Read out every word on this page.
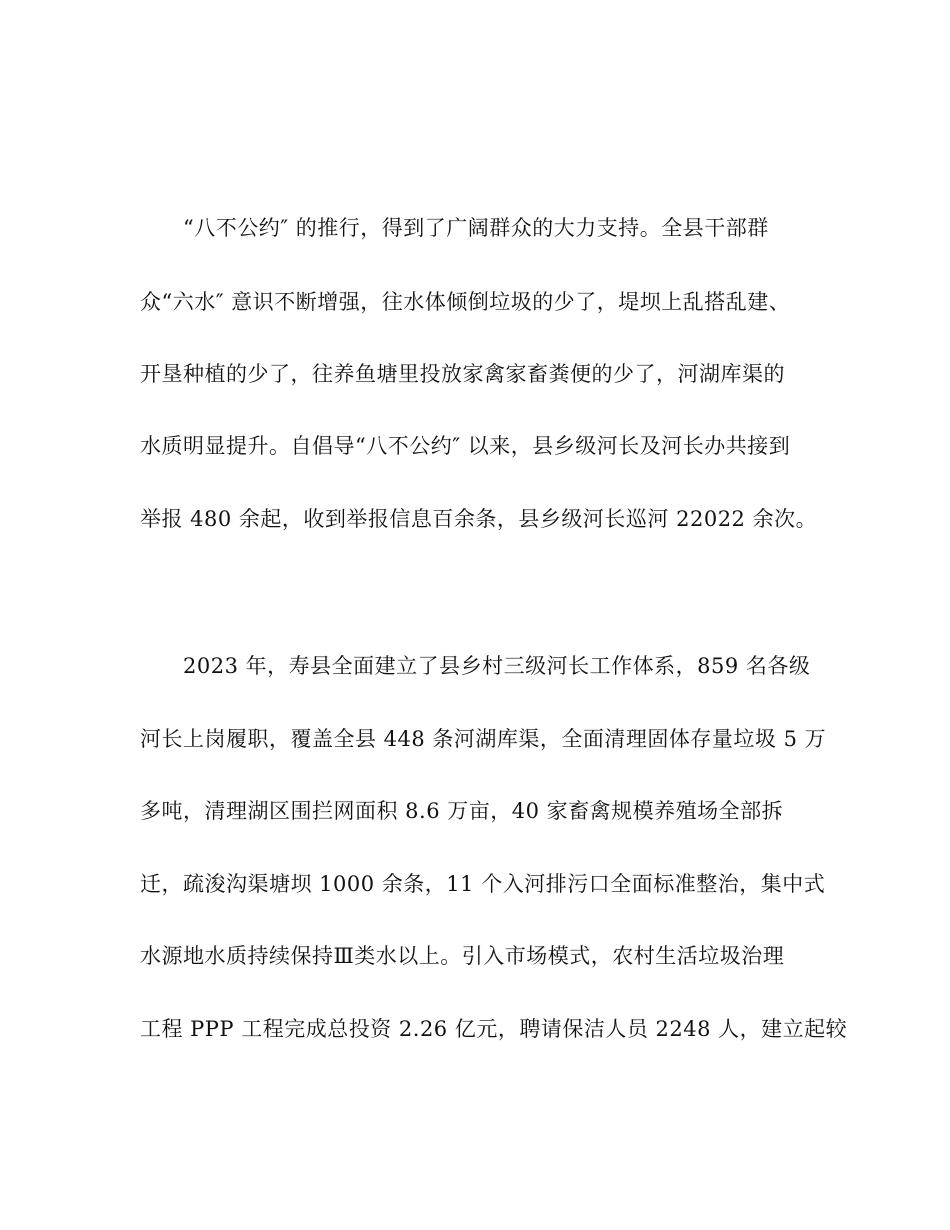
“八不公约″ 的推行，得到了广阔群众的大力支持。全县干部群
众“六水″ 意识不断增强，往水体倾倒垃圾的少了，堤坝上乱搭乱建、
开垦种植的少了，往养鱼塘里投放家禽家畜粪便的少了，河湖库渠的
水质明显提升。自倡导“八不公约″ 以来，县乡级河长及河长办共接到
举报 480 余起，收到举报信息百余条，县乡级河长巡河 22022 余次。
2023 年，寿县全面建立了县乡村三级河长工作体系，859 名各级
河长上岗履职，覆盖全县 448 条河湖库渠，全面清理固体存量垃圾 5 万
多吨，清理湖区围拦网面积 8.6 万亩，40 家畜禽规模养殖场全部拆
迁，疏浚沟渠塘坝 1000 余条，11 个入河排污口全面标准整治，集中式
水源地水质持续保持Ⅲ类水以上。引入市场模式，农村生活垃圾治理
工程 PPP 工程完成总投资 2.26 亿元，聘请保洁人员 2248 人，建立起较
